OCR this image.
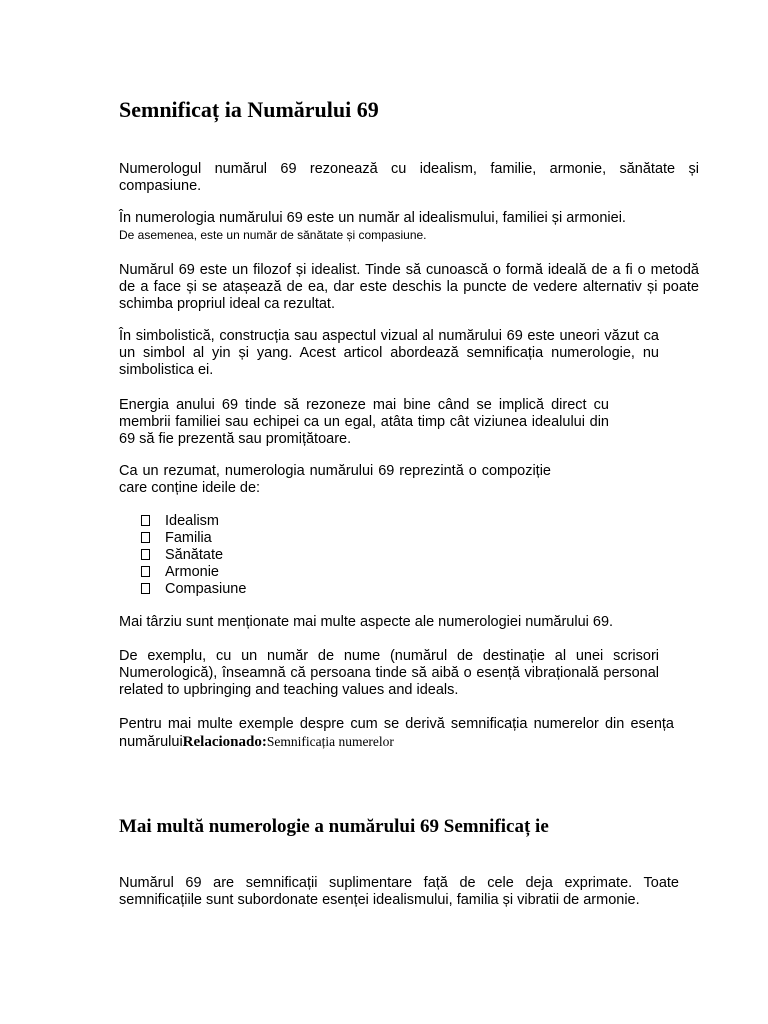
Semnificaț ia Numărului 69

Numerologul numărul 69 rezonează cu idealism, familie, armonie, sănătate și compasiune.

În numerologia numărului 69 este un număr al idealismului, familiei și armoniei.

De asemenea, este un număr de sănătate și compasiune.

Numărul 69 este un filozof și idealist. Tinde să cunoască o formă ideală de a fi o metodă de a face și se atașează de ea, dar este deschis la puncte de vedere alternativ și poate schimba propriul ideal ca rezultat.

În simbolistică, construcția sau aspectul vizual al numărului 69 este uneori văzut ca un simbol al yin și yang. Acest articol abordează semnificația numerologie, nu simbolistica ei.

Energia anului 69 tinde să rezoneze mai bine când se implică direct cu membrii familiei sau echipei ca un egal, atâta timp cât viziunea idealului din 69 să fie prezentă sau promițătoare.

Ca un rezumat, numerologia numărului 69 reprezintă o compoziție care conține ideile de:

Idealism
Familia
Sănătate
Armonie
Compasiune

Mai târziu sunt menționate mai multe aspecte ale numerologiei numărului 69.

De exemplu, cu un număr de nume (numărul de destinație al unei scrisori Numerologică), înseamnă că persoana tinde să aibă o esență vibrațională personal related to upbringing and teaching values and ideals.

Pentru mai multe exemple despre cum se derivă semnificația numerelor din esența număruluiRelacionado:Semnificația numerelor

Mai multă numerologie a numărului 69 Semnificaț ie

Numărul 69 are semnificații suplimentare față de cele deja exprimate. Toate semnificațiile sunt subordonate esenței idealismului, familia și vibratii de armonie.
